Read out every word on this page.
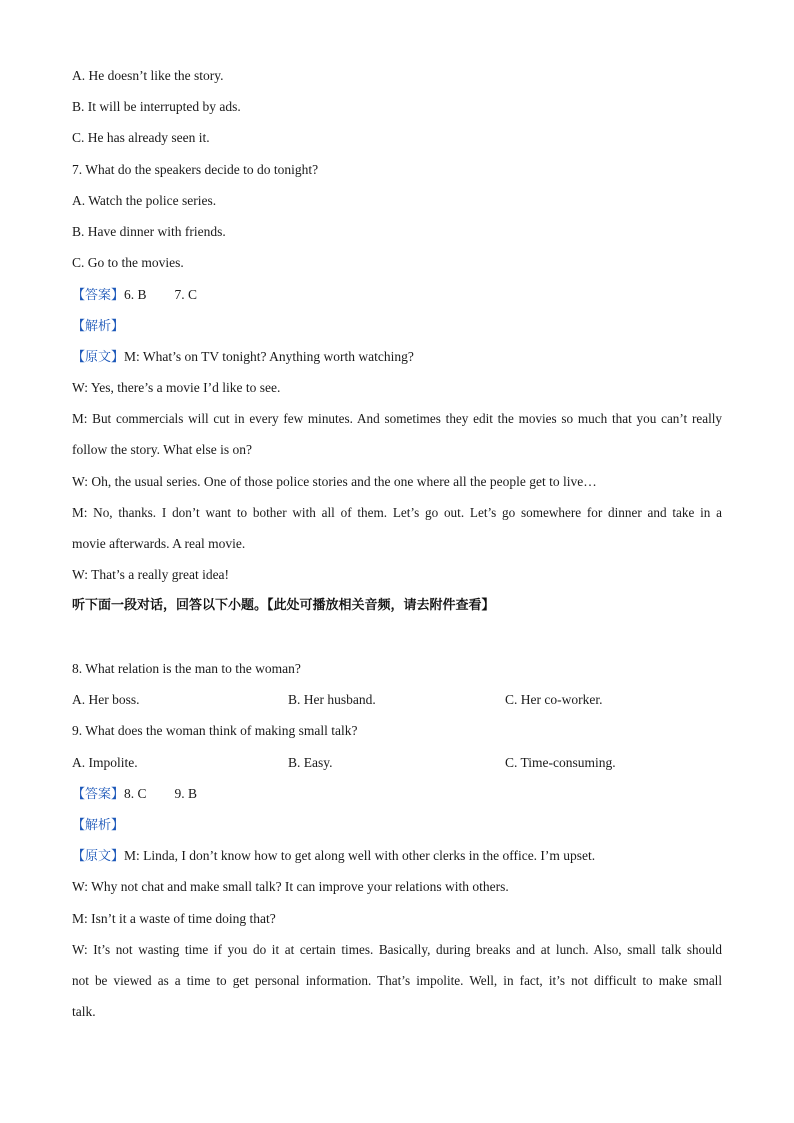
A. He doesn’t like the story.
B. It will be interrupted by ads.
C. He has already seen it.
7. What do the speakers decide to do tonight?
A. Watch the police series.
B. Have dinner with friends.
C. Go to the movies.
【答案】6. B 7. C
【解析】
【原文】M: What’s on TV tonight? Anything worth watching?
W: Yes, there’s a movie I’d like to see.
M: But commercials will cut in every few minutes. And sometimes they edit the movies so much that you can’t really
follow the story. What else is on?
W: Oh, the usual series. One of those police stories and the one where all the people get to live…
M: No, thanks. I don’t want to bother with all of them. Let’s go out. Let’s go somewhere for dinner and take in a
movie afterwards. A real movie.
W: That’s a really great idea!
听下面一段对话，回答以下小题。【此处可播放相关音频，请去附件查看】
8. What relation is the man to the woman?
A. Her boss.	B. Her husband.	C. Her co-worker.
9. What does the woman think of making small talk?
A. Impolite.	B. Easy.	C. Time-consuming.
【答案】8. C 9. B
【解析】
【原文】M: Linda, I don’t know how to get along well with other clerks in the office. I’m upset.
W: Why not chat and make small talk? It can improve your relations with others.
M: Isn’t it a waste of time doing that?
W: It’s not wasting time if you do it at certain times. Basically, during breaks and at lunch. Also, small talk should
not be viewed as a time to get personal information. That’s impolite. Well, in fact, it’s not difficult to make small
talk.
